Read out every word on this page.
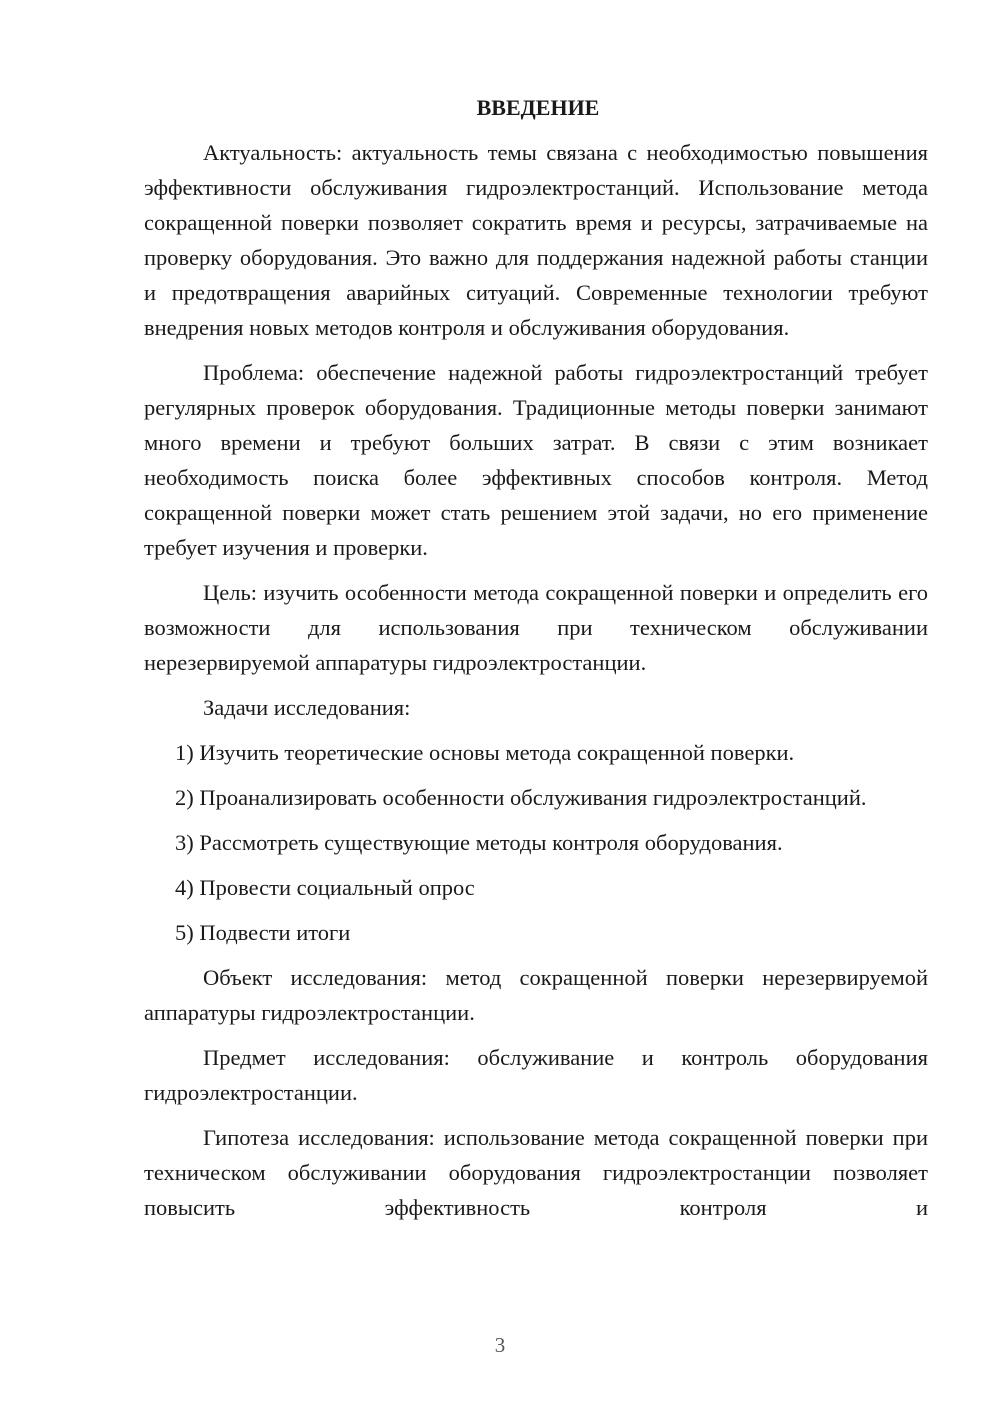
ВВЕДЕНИЕ

Актуальность: актуальность темы связана с необходимостью повышения эффективности обслуживания гидроэлектростанций. Использование метода сокращенной поверки позволяет сократить время и ресурсы, затрачиваемые на проверку оборудования. Это важно для поддержания надежной работы станции и предотвращения аварийных ситуаций. Современные технологии требуют внедрения новых методов контроля и обслуживания оборудования.

Проблема: обеспечение надежной работы гидроэлектростанций требует регулярных проверок оборудования. Традиционные методы поверки занимают много времени и требуют больших затрат. В связи с этим возникает необходимость поиска более эффективных способов контроля. Метод сокращенной поверки может стать решением этой задачи, но его применение требует изучения и проверки.

Цель: изучить особенности метода сокращенной поверки и определить его возможности для использования при техническом обслуживании нерезервируемой аппаратуры гидроэлектростанции.

Задачи исследования:

1) Изучить теоретические основы метода сокращенной поверки.

2) Проанализировать особенности обслуживания гидроэлектростанций.

3) Рассмотреть существующие методы контроля оборудования.

4) Провести социальный опрос

5) Подвести итоги

Объект исследования: метод сокращенной поверки нерезервируемой аппаратуры гидроэлектростанции.

Предмет исследования: обслуживание и контроль оборудования гидроэлектростанции.

Гипотеза исследования: использование метода сокращенной поверки при техническом обслуживании оборудования гидроэлектростанции позволяет повысить эффективность контроля и

3
